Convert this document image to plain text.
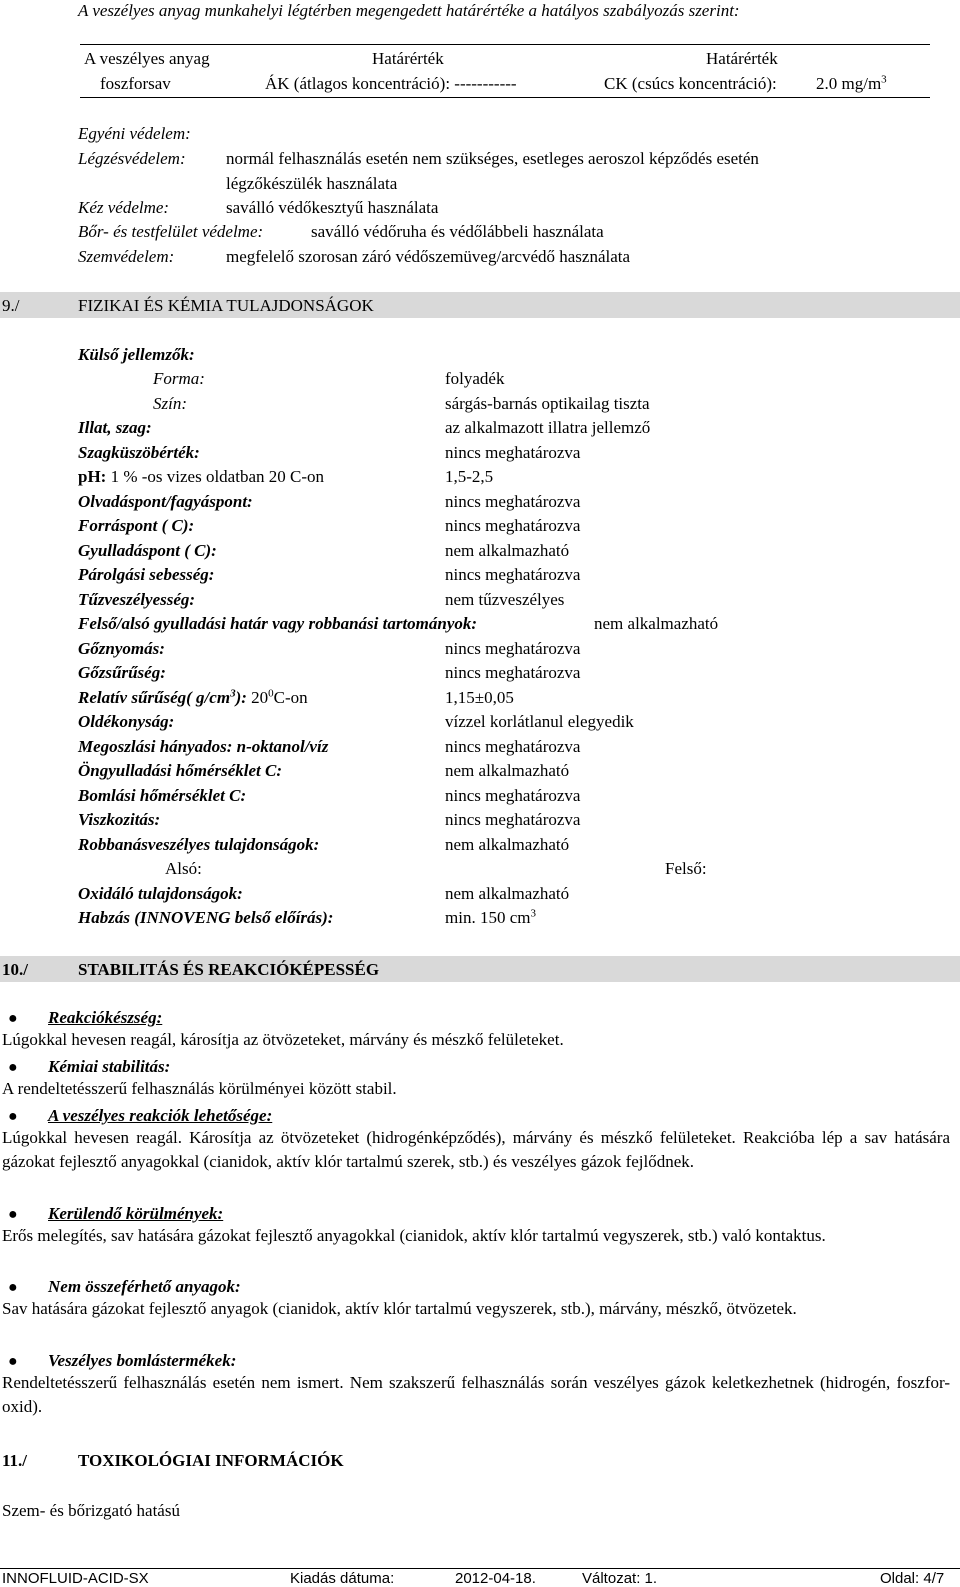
A veszélyes anyag munkahelyi légtérben megengedett határértéke a hatályos szabályozás szerint:
A veszélyes anyag	Határérték	Határérték
foszforsav	ÁK (átlagos koncentráció): -----------	CK (csúcs koncentráció): 2.0 $mg/m^3$
Egyéni védelem:
Légzésvédelem: normál felhasználás esetén nem szükséges, esetleges aeroszol képződés esetén
légzőkészülék használata
Kéz védelme:	saválló védőkesztyű használata
Bőr- és testfelület védelme:	saválló védőruha és védőlábbeli használata
Szemvédelem:	megfelelő szorosan záró védőszemüveg/arcvédő használata
9./	FIZIKAI ÉS KÉMIA TULAJDONSÁGOK
Külső jellemzők:
Forma:	folyadék
Szín:	sárgás-barnás optikailag tiszta
Illat, szag:	az alkalmazott illatra jellemző
Szagküszöbérték:	nincs meghatározva
pH: 1 % -os vizes oldatban 20 C-on	1,5-2,5
Olvadáspont/fagyáspont:	nincs meghatározva
Forráspont ( C):	nincs meghatározva
Gyulladáspont ( C):	nem alkalmazható
Párolgási sebesség:	nincs meghatározva
Tűzveszélyesség:	nem tűzveszélyes
Felső/alsó gyulladási határ vagy robbanási tartományok:	nem alkalmazható
Gőznyomás:	nincs meghatározva
Gőzsűrűség:	nincs meghatározva
Relatív sűrűség( $g/cm^3$): $20^0C-on$	1,15±0,05
Oldékonyság:	vízzel korlátlanul elegyedik
Megoszlási hányados: n-oktanol/víz	nincs meghatározva
Öngyulladási hőmérséklet C:	nem alkalmazható
Bomlási hőmérséklet C:	nincs meghatározva
Viszkozitás:	nincs meghatározva
Robbanásveszélyes tulajdonságok:	nem alkalmazható
Alsó:	Felső:
Oxidáló tulajdonságok:	nem alkalmazható
Habzás (INNOVENG belső előírás):	min. 150 $cm^3$
10./	STABILITÁS ÉS REAKCIÓKÉPESSÉG
● Reakciókészség:
Lúgokkal hevesen reagál, károsítja az ötvözeteket, márvány és mészkő felületeket.
● Kémiai stabilitás:
A rendeltetésszerű felhasználás körülményei között stabil.
● A veszélyes reakciók lehetősége:
Lúgokkal hevesen reagál. Károsítja az ötvözeteket (hidrogénképződés), márvány és mészkő felületeket. Reakcióba lép a sav hatására gázokat fejlesztő anyagokkal (cianidok, aktív klór tartalmú szerek, stb.) és veszélyes gázok fejlődnek.
● Kerülendő körülmények:
Erős melegítés, sav hatására gázokat fejlesztő anyagokkal (cianidok, aktív klór tartalmú vegyszerek, stb.) való kontaktus.
● Nem összeférhető anyagok:
Sav hatására gázokat fejlesztő anyagok (cianidok, aktív klór tartalmú vegyszerek, stb.), márvány, mészkő, ötvözetek.
● Veszélyes bomlástermékek:
Rendeltetésszerű felhasználás esetén nem ismert. Nem szakszerű felhasználás során veszélyes gázok keletkezhetnek (hidrogén, foszfor-oxid).
11./	TOXIKOLÓGIAI INFORMÁCIÓK
Szem- és bőrizgató hatású
INNOFLUID-ACID-SX	Kiadás dátuma:	2012-04-18.	Változat: 1.	Oldal: 4/7
